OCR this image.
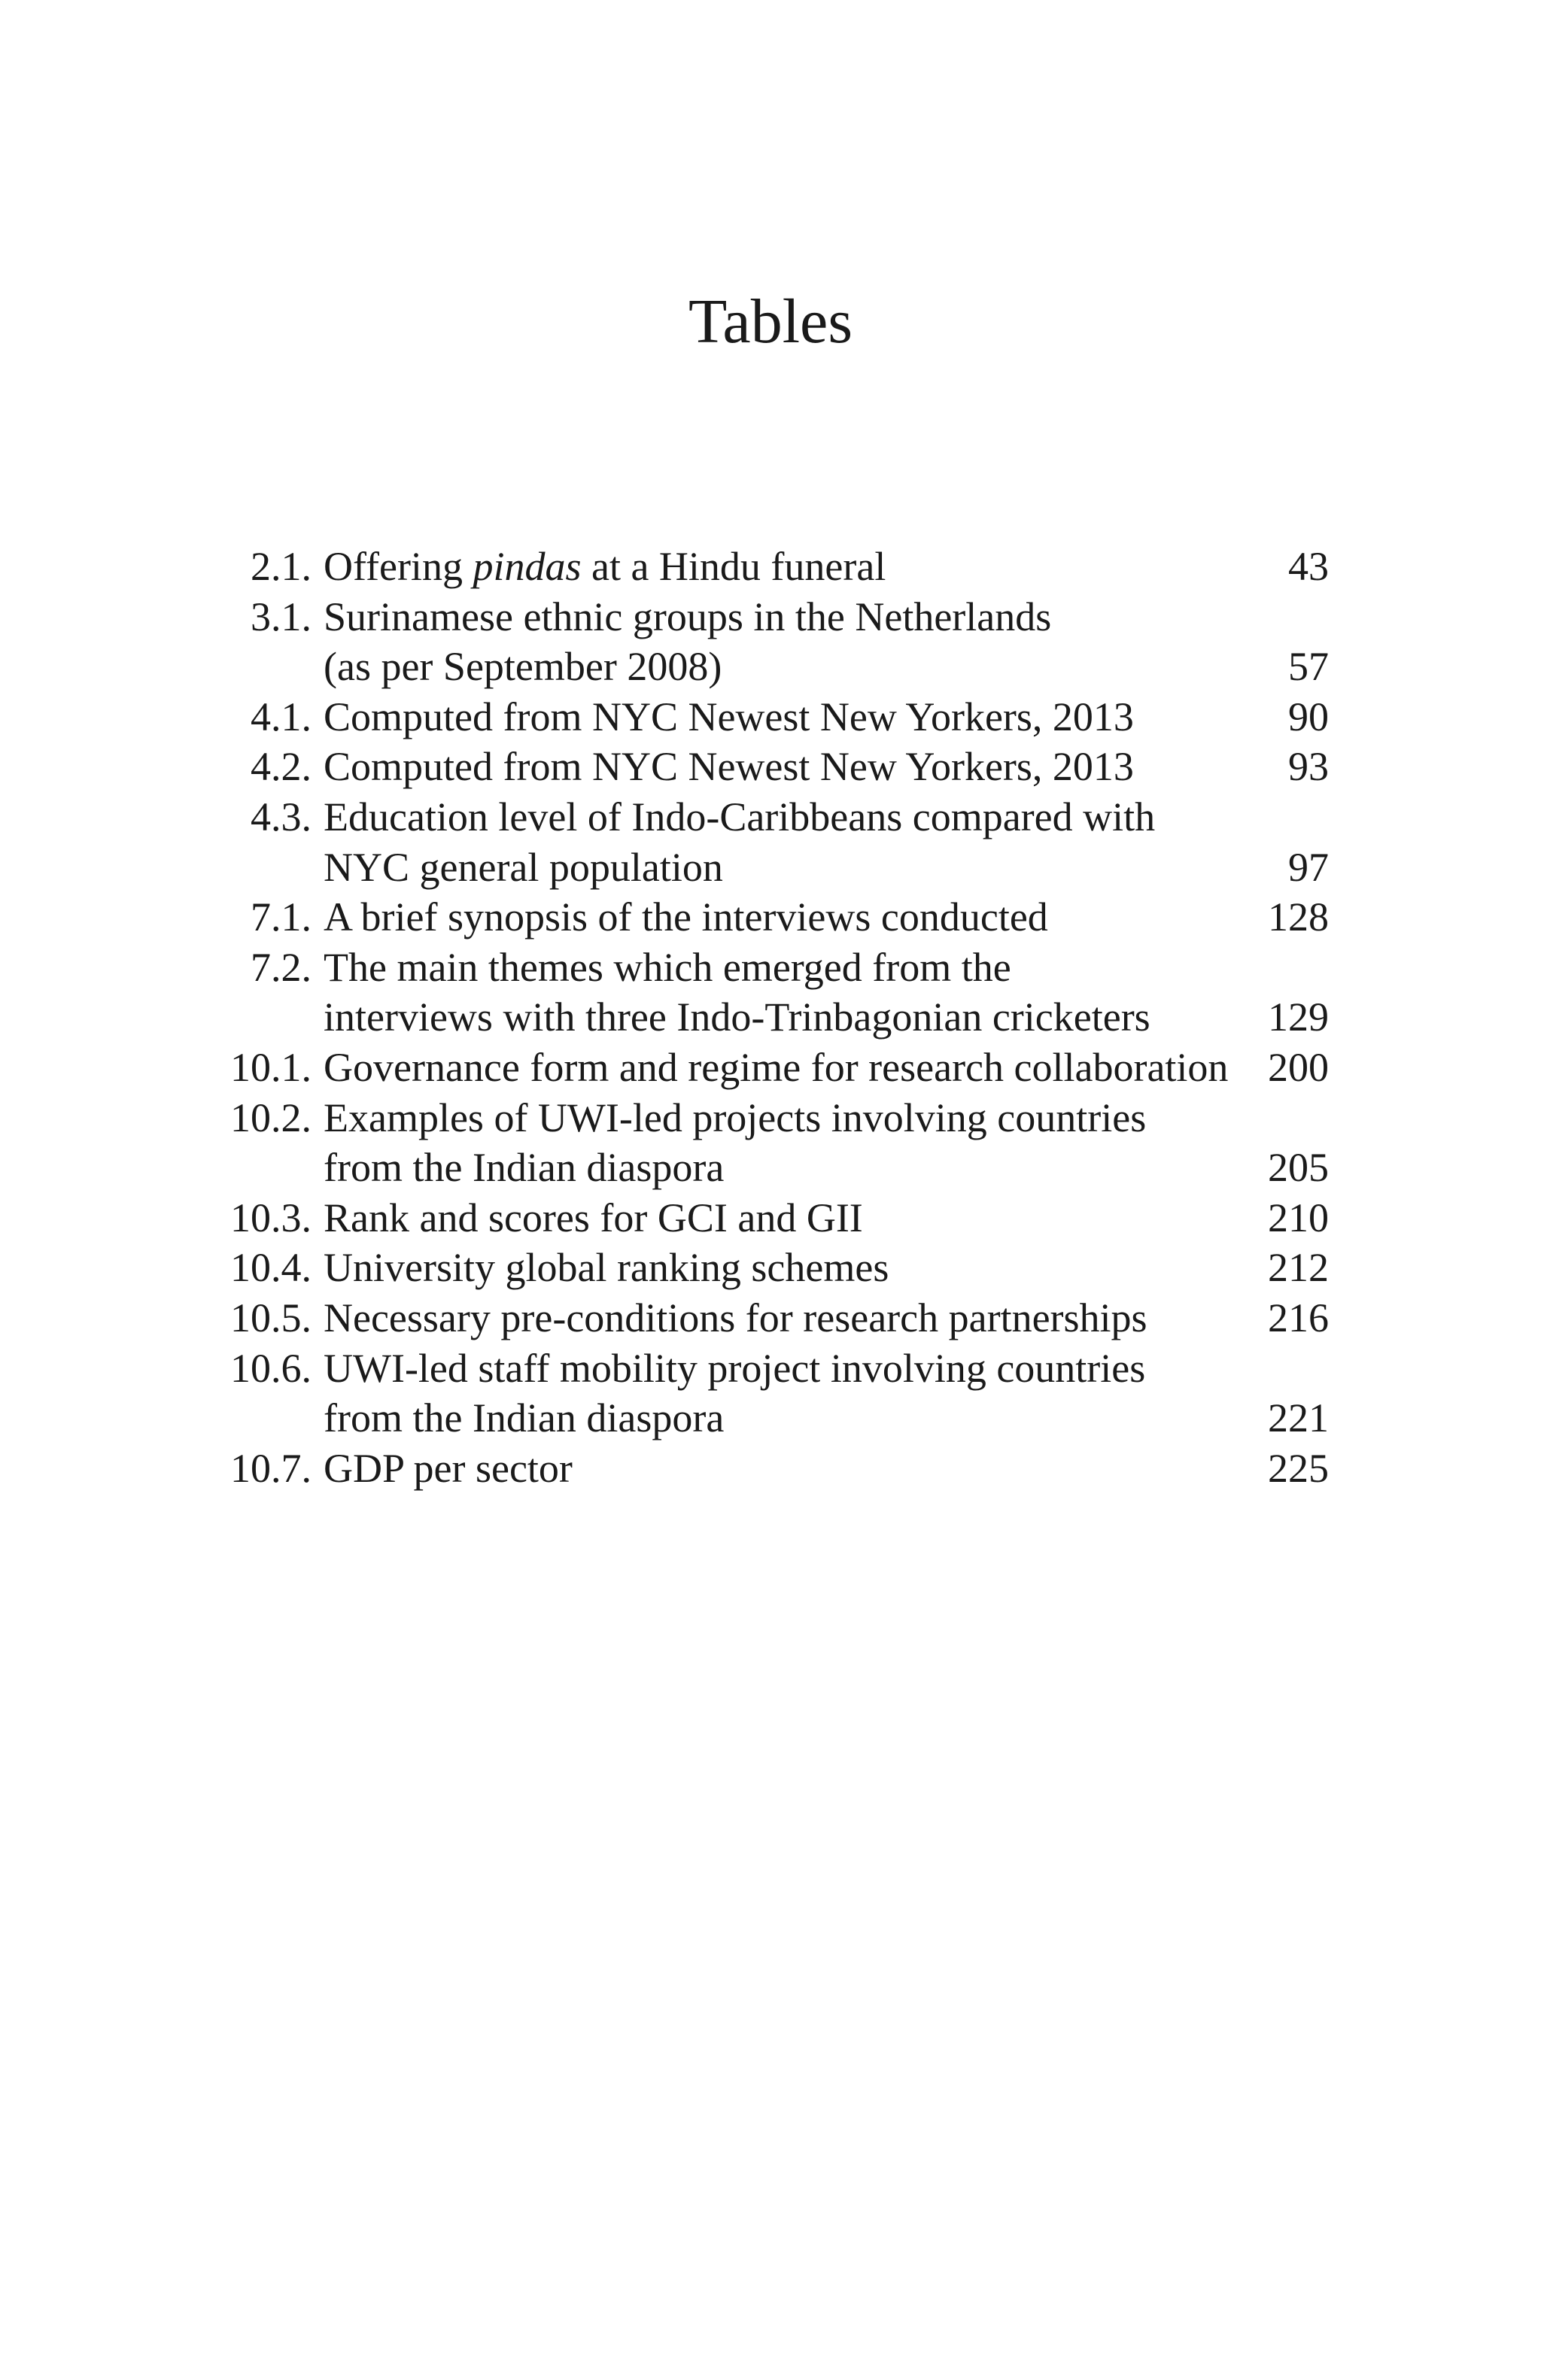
Tables
2.1. Offering pindas at a Hindu funeral	43
3.1. Surinamese ethnic groups in the Netherlands
(as per September 2008)	57
4.1. Computed from NYC Newest New Yorkers, 2013	90
4.2. Computed from NYC Newest New Yorkers, 2013	93
4.3. Education level of Indo-Caribbeans compared with
NYC general population	97
7.1. A brief synopsis of the interviews conducted	128
7.2. The main themes which emerged from the
interviews with three Indo-Trinbagonian cricketers	129
10.1. Governance form and regime for research collaboration 200
10.2. Examples of UWI-led projects involving countries
from the Indian diaspora	205
10.3. Rank and scores for GCI and GII	210
10.4. University global ranking schemes	212
10.5. Necessary pre-conditions for research partnerships	216
10.6. UWI-led staff mobility project involving countries
from the Indian diaspora	221
10.7. GDP per sector	225
